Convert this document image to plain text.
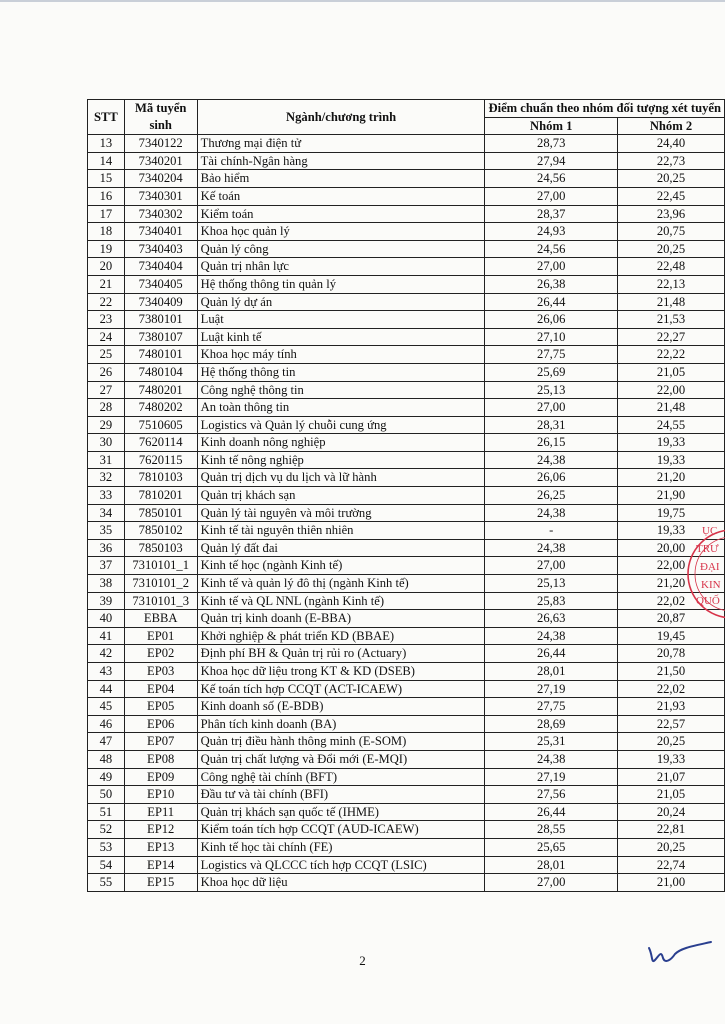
STT	Mã tuyển sinh	Ngành/chương trình	Điểm chuẩn theo nhóm đối tượng xét tuyển	
			Nhóm 1	Nhóm 2
13	7340122	Thương mại điện tử	28,73	24,40
14	7340201	Tài chính-Ngân hàng	27,94	22,73
15	7340204	Bảo hiểm	24,56	20,25
16	7340301	Kế toán	27,00	22,45
17	7340302	Kiểm toán	28,37	23,96
18	7340401	Khoa học quản lý	24,93	20,75
19	7340403	Quản lý công	24,56	20,25
20	7340404	Quản trị nhân lực	27,00	22,48
21	7340405	Hệ thống thông tin quản lý	26,38	22,13
22	7340409	Quản lý dự án	26,44	21,48
23	7380101	Luật	26,06	21,53
24	7380107	Luật kinh tế	27,10	22,27
25	7480101	Khoa học máy tính	27,75	22,22
26	7480104	Hệ thống thông tin	25,69	21,05
27	7480201	Công nghệ thông tin	25,13	22,00
28	7480202	An toàn thông tin	27,00	21,48
29	7510605	Logistics và Quản lý chuỗi cung ứng	28,31	24,55
30	7620114	Kinh doanh nông nghiệp	26,15	19,33
31	7620115	Kinh tế nông nghiệp	24,38	19,33
32	7810103	Quản trị dịch vụ du lịch và lữ hành	26,06	21,20
33	7810201	Quản trị khách sạn	26,25	21,90
34	7850101	Quản lý tài nguyên và môi trường	24,38	19,75
35	7850102	Kinh tế tài nguyên thiên nhiên	-	19,33
36	7850103	Quản lý đất đai	24,38	20,00
37	7310101_1	Kinh tế học (ngành Kinh tế)	27,00	22,00
38	7310101_2	Kinh tế và quản lý đô thị (ngành Kinh tế)	25,13	21,20
39	7310101_3	Kinh tế và QL NNL (ngành Kinh tế)	25,83	22,02
40	EBBA	Quản trị kinh doanh (E-BBA)	26,63	20,87
41	EP01	Khởi nghiệp & phát triển KD (BBAE)	24,38	19,45
42	EP02	Định phí BH & Quản trị rủi ro (Actuary)	26,44	20,78
43	EP03	Khoa học dữ liệu trong KT & KD (DSEB)	28,01	21,50
44	EP04	Kế toán tích hợp CCQT (ACT-ICAEW)	27,19	22,02
45	EP05	Kinh doanh số (E-BDB)	27,75	21,93
46	EP06	Phân tích kinh doanh (BA)	28,69	22,57
47	EP07	Quản trị điều hành thông minh (E-SOM)	25,31	20,25
48	EP08	Quản trị chất lượng và Đổi mới (E-MQI)	24,38	19,33
49	EP09	Công nghệ tài chính (BFT)	27,19	21,07
50	EP10	Đầu tư và tài chính (BFI)	27,56	21,05
51	EP11	Quản trị khách sạn quốc tế (IHME)	26,44	20,24
52	EP12	Kiểm toán tích hợp CCQT (AUD-ICAEW)	28,55	22,81
53	EP13	Kinh tế học tài chính (FE)	25,65	20,25
54	EP14	Logistics và QLCCC tích hợp CCQT (LSIC)	28,01	22,74
55	EP15	Khoa học dữ liệu	27,00	21,00
2
ỤC
TRƯ
ĐẠI
KIN
QUỐ
